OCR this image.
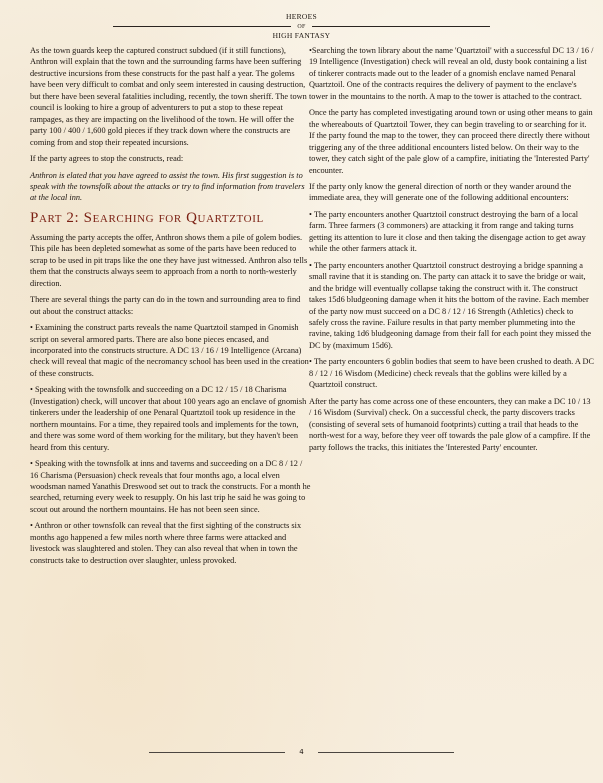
HEROES
OF
HIGH FANTASY

As the town guards keep the captured construct subdued (if it still functions), Anthron will explain that the town and the surrounding farms have been suffering destructive incursions from these constructs for the past half a year. The golems have been very difficult to combat and only seem interested in causing destruction, but there have been several fatalities including, recently, the town sheriff. The town council is looking to hire a group of adventurers to put a stop to these repeat rampages, as they are impacting on the livelihood of the town. He will offer the party 100 / 400 / 1,600 gold pieces if they track down where the constructs are coming from and stop their repeated incursions.

If the party agrees to stop the constructs, read:

Anthron is elated that you have agreed to assist the town. His first suggestion is to speak with the townsfolk about the attacks or try to find information from travelers at the local inn.

Part 2: Searching for Quartztoil

Assuming the party accepts the offer, Anthron shows them a pile of golem bodies. This pile has been depleted somewhat as some of the parts have been reduced to scrap to be used in pit traps like the one they have just witnessed. Anthron also tells them that the constructs always seem to approach from a north to north-westerly direction.

There are several things the party can do in the town and surrounding area to find out about the construct attacks:

• Examining the construct parts reveals the name Quartztoil stamped in Gnomish script on several armored parts. There are also bone pieces encased, and incorporated into the constructs structure. A DC 13 / 16 / 19 Intelligence (Arcana) check will reveal that magic of the necromancy school has been used in the creation of these constructs.

• Speaking with the townsfolk and succeeding on a DC 12 / 15 / 18 Charisma (Investigation) check, will uncover that about 100 years ago an enclave of gnomish tinkerers under the leadership of one Penaral Quartztoil took up residence in the northern mountains. For a time, they repaired tools and implements for the town, and there was some word of them working for the military, but they haven't been heard from this century.

• Speaking with the townsfolk at inns and taverns and succeeding on a DC 8 / 12 / 16 Charisma (Persuasion) check reveals that four months ago, a local elven woodsman named Yanathis Dreswood set out to track the constructs. For a month he searched, returning every week to resupply. On his last trip he said he was going to scout out around the northern mountains. He has not been seen since.

• Anthron or other townsfolk can reveal that the first sighting of the constructs six months ago happened a few miles north where three farms were attacked and livestock was slaughtered and stolen. They can also reveal that when in town the constructs take to destruction over slaughter, unless provoked.

•Searching the town library about the name 'Quartztoil' with a successful DC 13 / 16 / 19 Intelligence (Investigation) check will reveal an old, dusty book containing a list of tinkerer contracts made out to the leader of a gnomish enclave named Penaral Quartztoil. One of the contracts requires the delivery of payment to the enclave's tower in the mountains to the north. A map to the tower is attached to the contract.

Once the party has completed investigating around town or using other means to gain the whereabouts of Quartztoil Tower, they can begin traveling to or searching for it. If the party found the map to the tower, they can proceed there directly there without triggering any of the three additional encounters listed below. On their way to the tower, they catch sight of the pale glow of a campfire, initiating the 'Interested Party' encounter.

If the party only know the general direction of north or they wander around the immediate area, they will generate one of the following additional encounters:

• The party encounters another Quartztoil construct destroying the barn of a local farm. Three farmers (3 commoners) are attacking it from range and taking turns getting its attention to lure it close and then taking the disengage action to get away while the other farmers attack it.

• The party encounters another Quartztoil construct destroying a bridge spanning a small ravine that it is standing on. The party can attack it to save the bridge or wait, and the bridge will eventually collapse taking the construct with it. The construct takes 15d6 bludgeoning damage when it hits the bottom of the ravine. Each member of the party now must succeed on a DC 8 / 12 / 16 Strength (Athletics) check to safely cross the ravine. Failure results in that party member plummeting into the ravine, taking 1d6 bludgeoning damage from their fall for each point they missed the DC by (maximum 15d6).

• The party encounters 6 goblin bodies that seem to have been crushed to death. A DC 8 / 12 / 16 Wisdom (Medicine) check reveals that the goblins were killed by a Quartztoil construct.

After the party has come across one of these encounters, they can make a DC 10 / 13 / 16 Wisdom (Survival) check. On a successful check, the party discovers tracks (consisting of several sets of humanoid footprints) cutting a trail that heads to the north-west for a way, before they veer off towards the pale glow of a campfire. If the party follows the tracks, this initiates the 'Interested Party' encounter.

4
